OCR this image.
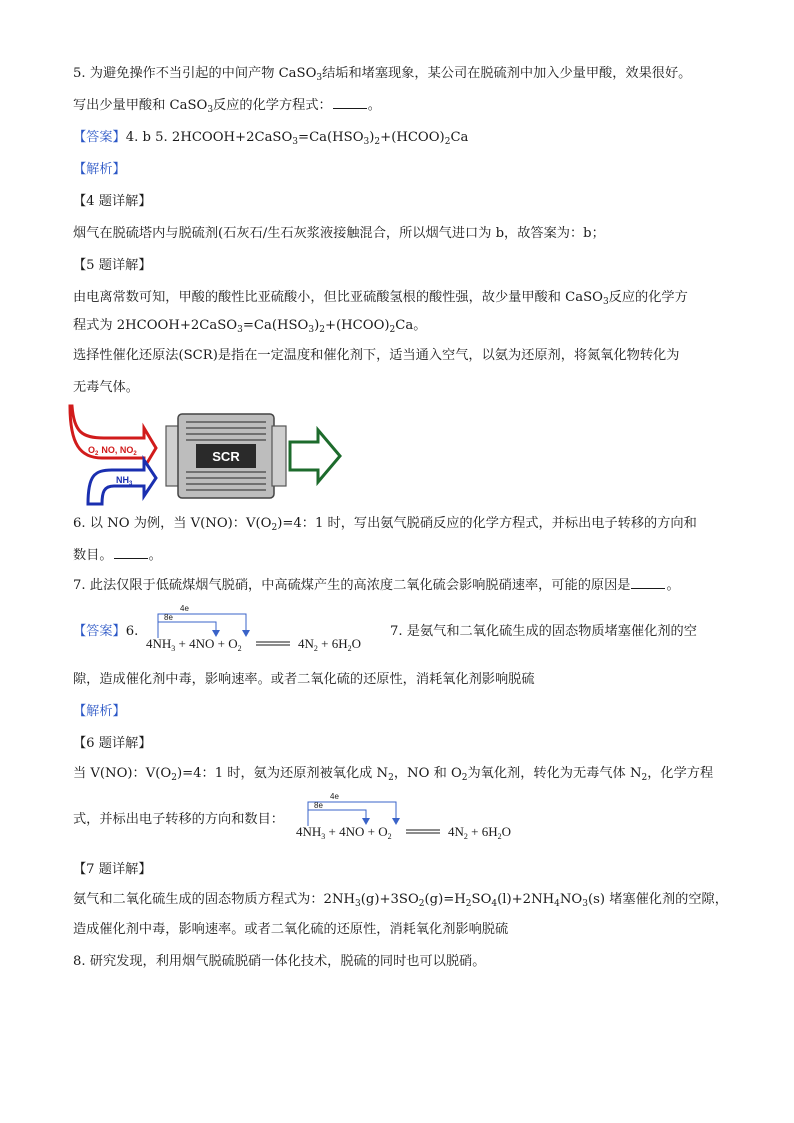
5. 为避免操作不当引起的中间产物 CaSO$_3$结垢和堵塞现象，某公司在脱硫剂中加入少量甲酸，效果很好。
写出少量甲酸和 CaSO$_3$反应的化学方程式：	。
【答案】4. b 5. $2HCOOH+2CaSO_3=Ca(HSO_3)_2+(HCOO)_2Ca$
【解析】
【4 题详解】
烟气在脱硫塔内与脱硫剂(石灰石/生石灰浆液接触混合，所以烟气进口为 b，故答案为：b；
【5 题详解】
由电离常数可知，甲酸的酸性比亚硫酸小，但比亚硫酸氢根的酸性强，故少量甲酸和 CaSO$_3$反应的化学方
程式为 $2HCOOH+2CaSO_3=Ca(HSO_3)_2+(HCOO)_2Ca$。
选择性催化还原法(SCR)是指在一定温度和催化剂下，适当通入空气，以氨为还原剂，将氮氧化物转化为
无毒气体。
$O_2$ NO, $NO_2$
$NH_3$
SCR
6. 以 NO 为例，当 V(NO)：$V(O_2)=4$：1 时，写出氨气脱硝反应的化学方程式，并标出电子转移的方向和
数目。	。
7. 此法仅限于低硫煤烟气脱硝，中高硫煤产生的高浓度二氧化硫会影响脱硝速率，可能的原因是	。
【答案】6.
4e
8e
$4NH_3 + 4NO + O_2$	$4N_2 + 6H_2O$
7. 是氨气和二氧化硫生成的固态物质堵塞催化剂的空
隙，造成催化剂中毒，影响速率。或者二氧化硫的还原性，消耗氧化剂影响脱硫
【解析】
【6 题详解】
当 V(NO)：$V(O_2)=4$：1 时，氨为还原剂被氧化成 $N_2$，NO 和 $O_2$为氧化剂，转化为无毒气体 $N_2$，化学方程
式，并标出电子转移的方向和数目：
4e
8e
$4NH_3 + 4NO + O_2$	$4N_2 + 6H_2O$
【7 题详解】
氨气和二氧化硫生成的固态物质方程式为：$2NH_3(g)+3SO_2(g)=H_2SO_4(l)+2NH_4NO_3(s)$ 堵塞催化剂的空隙，
造成催化剂中毒，影响速率。或者二氧化硫的还原性，消耗氧化剂影响脱硫
8. 研究发现，利用烟气脱硫脱硝一体化技术，脱硫的同时也可以脱硝。
